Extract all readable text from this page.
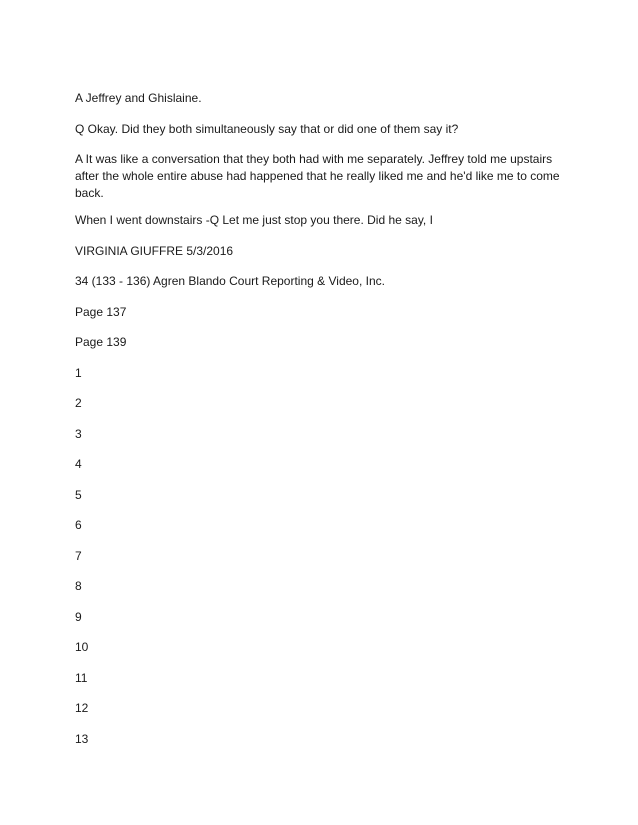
A Jeffrey and Ghislaine.

Q Okay. Did they both simultaneously say that or did one of them say it?

A It was like a conversation that they both had with me separately. Jeffrey told me upstairs after the whole entire abuse had happened that he really liked me and he'd like me to come back.

When I went downstairs -Q Let me just stop you there. Did he say, I

VIRGINIA GIUFFRE 5/3/2016

34 (133 - 136) Agren Blando Court Reporting & Video, Inc.

Page 137

Page 139

1

2

3

4

5

6

7

8

9

10

11

12

13
